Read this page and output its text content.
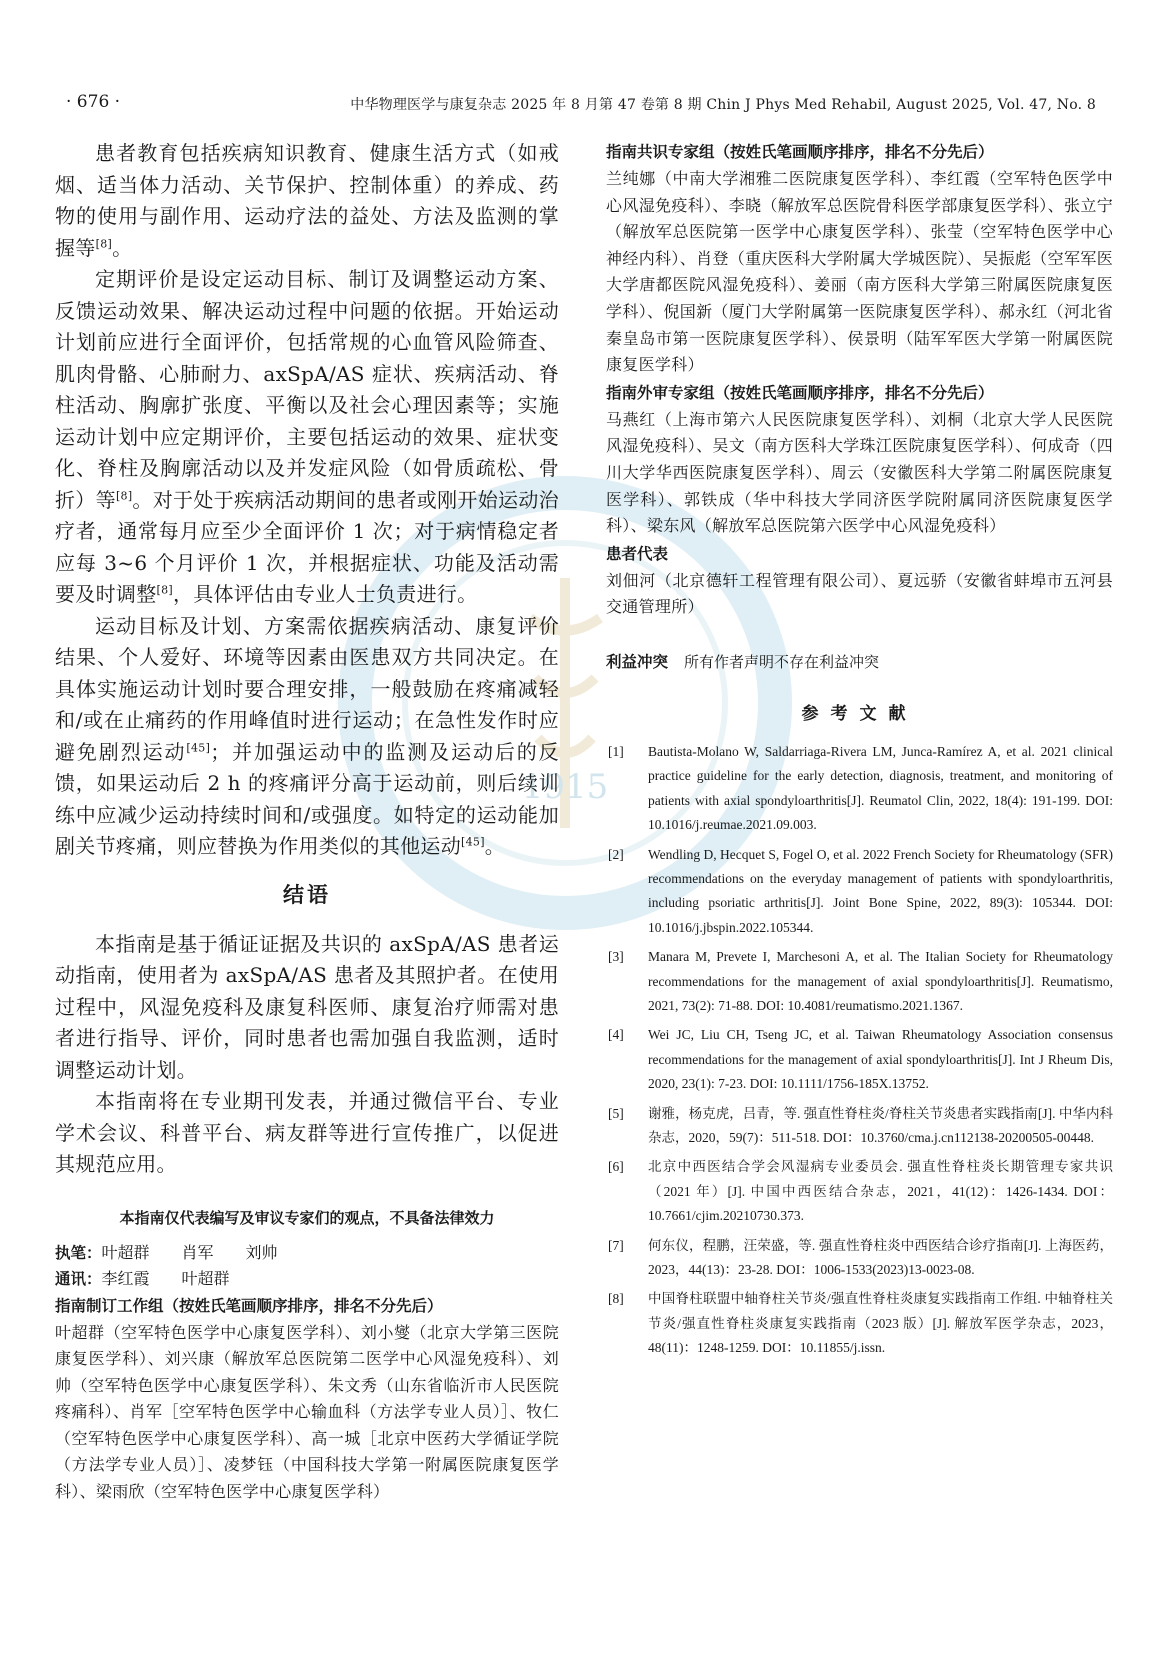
1915
· 676 ·	中华物理医学与康复杂志 2025 年 8 月第 47 卷第 8 期 Chin J Phys Med Rehabil, August 2025, Vol. 47, No. 8

患者教育包括疾病知识教育、健康生活方式（如戒烟、适当体力活动、关节保护、控制体重）的养成、药物的使用与副作用、运动疗法的益处、方法及监测的掌握等[8]。

定期评价是设定运动目标、制订及调整运动方案、反馈运动效果、解决运动过程中问题的依据。开始运动计划前应进行全面评价，包括常规的心血管风险筛查、肌肉骨骼、心肺耐力、axSpA/AS 症状、疾病活动、脊柱活动、胸廓扩张度、平衡以及社会心理因素等；实施运动计划中应定期评价，主要包括运动的效果、症状变化、脊柱及胸廓活动以及并发症风险（如骨质疏松、骨折）等[8]。对于处于疾病活动期间的患者或刚开始运动治疗者，通常每月应至少全面评价 1 次；对于病情稳定者应每 3~6 个月评价 1 次，并根据症状、功能及活动需要及时调整[8]，具体评估由专业人士负责进行。

运动目标及计划、方案需依据疾病活动、康复评价结果、个人爱好、环境等因素由医患双方共同决定。在具体实施运动计划时要合理安排，一般鼓励在疼痛减轻和/或在止痛药的作用峰值时进行运动；在急性发作时应避免剧烈运动[45]；并加强运动中的监测及运动后的反馈，如果运动后 2 h 的疼痛评分高于运动前，则后续训练中应减少运动持续时间和/或强度。如特定的运动能加剧关节疼痛，则应替换为作用类似的其他运动[45]。

结语

本指南是基于循证证据及共识的 axSpA/AS 患者运动指南，使用者为 axSpA/AS 患者及其照护者。在使用过程中，风湿免疫科及康复科医师、康复治疗师需对患者进行指导、评价，同时患者也需加强自我监测，适时调整运动计划。

本指南将在专业期刊发表，并通过微信平台、专业学术会议、科普平台、病友群等进行宣传推广，以促进其规范应用。

本指南仅代表编写及审议专家们的观点，不具备法律效力

执笔：叶超群　　肖军　　刘帅

通讯：李红霞　　叶超群

指南制订工作组（按姓氏笔画顺序排序，排名不分先后）

叶超群（空军特色医学中心康复医学科）、刘小燮（北京大学第三医院康复医学科）、刘兴康（解放军总医院第二医学中心风湿免疫科）、刘帅（空军特色医学中心康复医学科）、朱文秀（山东省临沂市人民医院疼痛科）、肖军［空军特色医学中心输血科（方法学专业人员）］、牧仁（空军特色医学中心康复医学科）、高一城［北京中医药大学循证学院（方法学专业人员）］、凌梦钰（中国科技大学第一附属医院康复医学科）、梁雨欣（空军特色医学中心康复医学科）

指南共识专家组（按姓氏笔画顺序排序，排名不分先后）

兰纯娜（中南大学湘雅二医院康复医学科）、李红霞（空军特色医学中心风湿免疫科）、李晓（解放军总医院骨科医学部康复医学科）、张立宁（解放军总医院第一医学中心康复医学科）、张莹（空军特色医学中心神经内科）、肖登（重庆医科大学附属大学城医院）、吴振彪（空军军医大学唐都医院风湿免疫科）、姜丽（南方医科大学第三附属医院康复医学科）、倪国新（厦门大学附属第一医院康复医学科）、郝永红（河北省秦皇岛市第一医院康复医学科）、侯景明（陆军军医大学第一附属医院康复医学科）

指南外审专家组（按姓氏笔画顺序排序，排名不分先后）

马燕红（上海市第六人民医院康复医学科）、刘桐（北京大学人民医院风湿免疫科）、吴文（南方医科大学珠江医院康复医学科）、何成奇（四川大学华西医院康复医学科）、周云（安徽医科大学第二附属医院康复医学科）、郭铁成（华中科技大学同济医学院附属同济医院康复医学科）、梁东风（解放军总医院第六医学中心风湿免疫科）

患者代表

刘佃河（北京德轩工程管理有限公司）、夏远骄（安徽省蚌埠市五河县交通管理所）

利益冲突 所有作者声明不存在利益冲突

参考文献
[1]	Bautista-Molano W, Saldarriaga-Rivera LM, Junca-Ramírez A, et al. 2021 clinical practice guideline for the early detection, diagnosis, treatment, and monitoring of patients with axial spondyloarthritis[J]. Reumatol Clin, 2022, 18(4): 191-199. DOI: 10.1016/j.reumae.2021.09.003.
[2]	Wendling D, Hecquet S, Fogel O, et al. 2022 French Society for Rheumatology (SFR) recommendations on the everyday management of patients with spondyloarthritis, including psoriatic arthritis[J]. Joint Bone Spine, 2022, 89(3): 105344. DOI: 10.1016/j.jbspin.2022.105344.
[3]	Manara M, Prevete I, Marchesoni A, et al. The Italian Society for Rheumatology recommendations for the management of axial spondyloarthritis[J]. Reumatismo, 2021, 73(2): 71-88. DOI: 10.4081/reumatismo.2021.1367.
[4]	Wei JC, Liu CH, Tseng JC, et al. Taiwan Rheumatology Association consensus recommendations for the management of axial spondyloarthritis[J]. Int J Rheum Dis, 2020, 23(1): 7-23. DOI: 10.1111/1756-185X.13752.
[5]	谢雅，杨克虎，吕青，等. 强直性脊柱炎/脊柱关节炎患者实践指南[J]. 中华内科杂志，2020，59(7)：511-518. DOI：10.3760/cma.j.cn112138-20200505-00448.
[6]	北京中西医结合学会风湿病专业委员会. 强直性脊柱炎长期管理专家共识（2021 年）[J]. 中国中西医结合杂志，2021，41(12)：1426-1434. DOI：10.7661/cjim.20210730.373.
[7]	何东仪，程鹏，汪荣盛，等. 强直性脊柱炎中西医结合诊疗指南[J]. 上海医药，2023，44(13)：23-28. DOI：1006-1533(2023)13-0023-08.
[8]	中国脊柱联盟中轴脊柱关节炎/强直性脊柱炎康复实践指南工作组. 中轴脊柱关节炎/强直性脊柱炎康复实践指南（2023 版）[J]. 解放军医学杂志，2023，48(11)：1248-1259. DOI：10.11855/j.issn.
